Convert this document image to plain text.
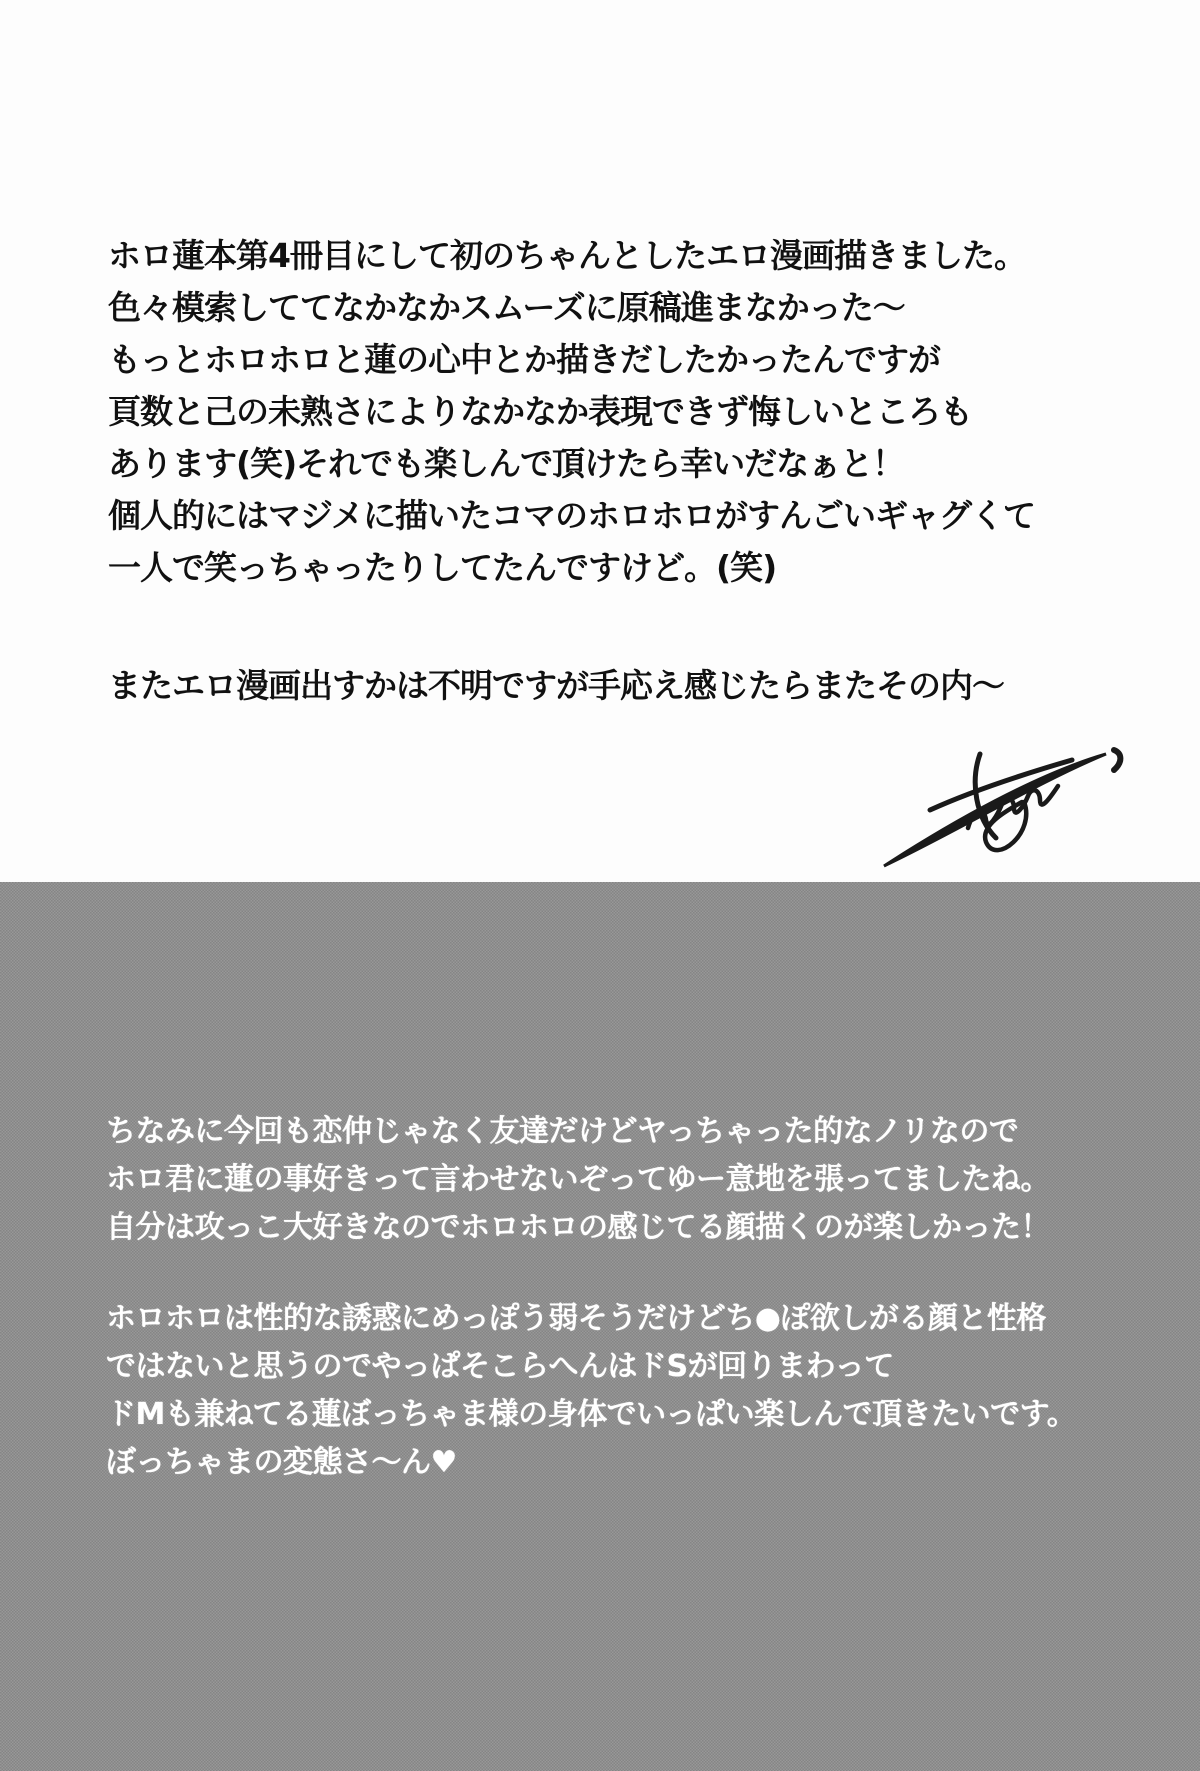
ホロ蓮本第4冊目にして初のちゃんとしたエロ漫画描きました。
色々模索しててなかなかスムーズに原稿進まなかった～
もっとホロホロと蓮の心中とか描きだしたかったんですが
頁数と己の未熟さによりなかなか表現できず悔しいところも
あります(笑)それでも楽しんで頂けたら幸いだなぁと！
個人的にはマジメに描いたコマのホロホロがすんごいギャグくて
一人で笑っちゃったりしてたんですけど。(笑)
またエロ漫画出すかは不明ですが手応え感じたらまたその内～
ちなみに今回も恋仲じゃなく友達だけどヤっちゃった的なノリなので
ホロ君に蓮の事好きって言わせないぞってゆー意地を張ってましたね。
自分は攻っこ大好きなのでホロホロの感じてる顔描くのが楽しかった！
ホロホロは性的な誘惑にめっぽう弱そうだけどち●ぽ欲しがる顔と性格
ではないと思うのでやっぱそこらへんはドSが回りまわって
ドMも兼ねてる蓮ぼっちゃま様の身体でいっぱい楽しんで頂きたいです。
ぼっちゃまの変態さ～ん♥
